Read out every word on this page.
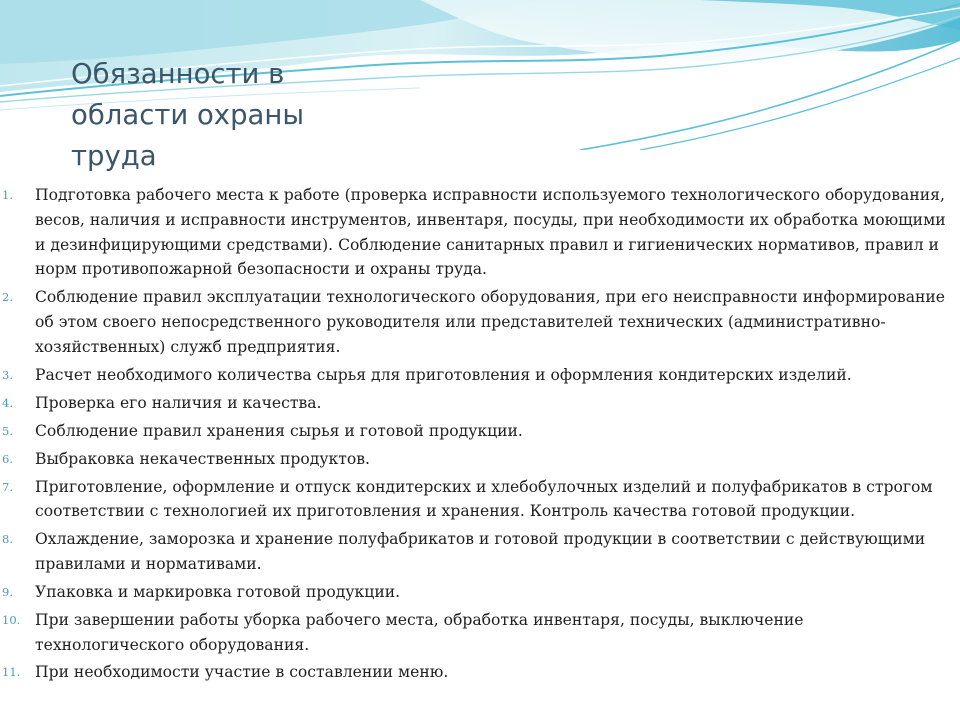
Обязанности в области охраны труда
1.	Подготовка рабочего места к работе (проверка исправности используемого технологического оборудования, весов, наличия и исправности инструментов, инвентаря, посуды, при необходимости их обработка моющими и дезинфицирующими средствами). Соблюдение санитарных правил и гигиенических нормативов, правил и норм противопожарной безопасности и охраны труда.
2.	Соблюдение правил эксплуатации технологического оборудования, при его неисправности информирование об этом своего непосредственного руководителя или представителей технических (административно-хозяйственных) служб предприятия.
3.	Расчет необходимого количества сырья для приготовления и оформления кондитерских изделий.
4.	Проверка его наличия и качества.
5.	Соблюдение правил хранения сырья и готовой продукции.
6.	Выбраковка некачественных продуктов.
7.	Приготовление, оформление и отпуск кондитерских и хлебобулочных изделий и полуфабрикатов в строгом соответствии с технологией их приготовления и хранения. Контроль качества готовой продукции.
8.	Охлаждение, заморозка и хранение полуфабрикатов и готовой продукции в соответствии с действующими правилами и нормативами.
9.	Упаковка и маркировка готовой продукции.
10. При завершении работы уборка рабочего места, обработка инвентаря, посуды, выключение технологического оборудования.
11. При необходимости участие в составлении меню.
